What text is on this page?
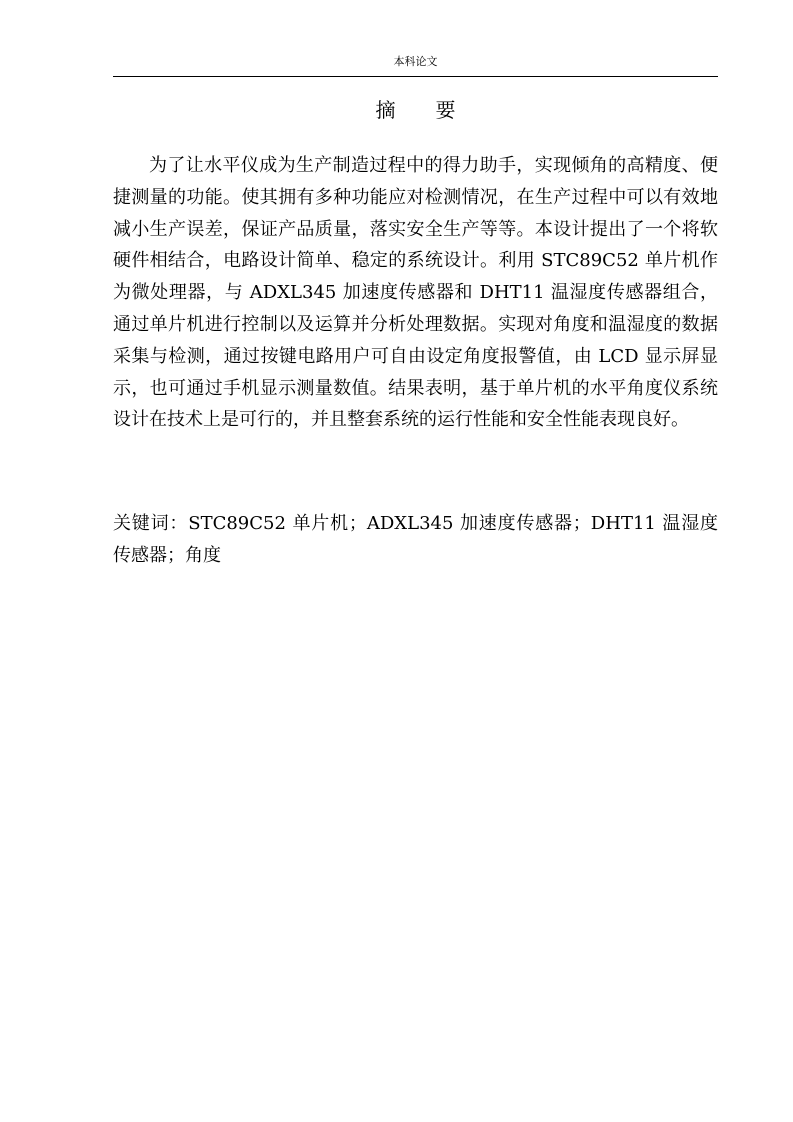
本科论文
摘要

为了让水平仪成为生产制造过程中的得力助手，实现倾角的高精度、便捷测量的功能。使其拥有多种功能应对检测情况，在生产过程中可以有效地减小生产误差，保证产品质量，落实安全生产等等。本设计提出了一个将软硬件相结合，电路设计简单、稳定的系统设计。利用 STC89C52 单片机作为微处理器，与 ADXL345 加速度传感器和 DHT11 温湿度传感器组合，通过单片机进行控制以及运算并分析处理数据。实现对角度和温湿度的数据采集与检测，通过按键电路用户可自由设定角度报警值，由 LCD 显示屏显示，也可通过手机显示测量数值。结果表明，基于单片机的水平角度仪系统设计在技术上是可行的，并且整套系统的运行性能和安全性能表现良好。

关键词：STC89C52 单片机；ADXL345 加速度传感器；DHT11 温湿度传感器；角度
